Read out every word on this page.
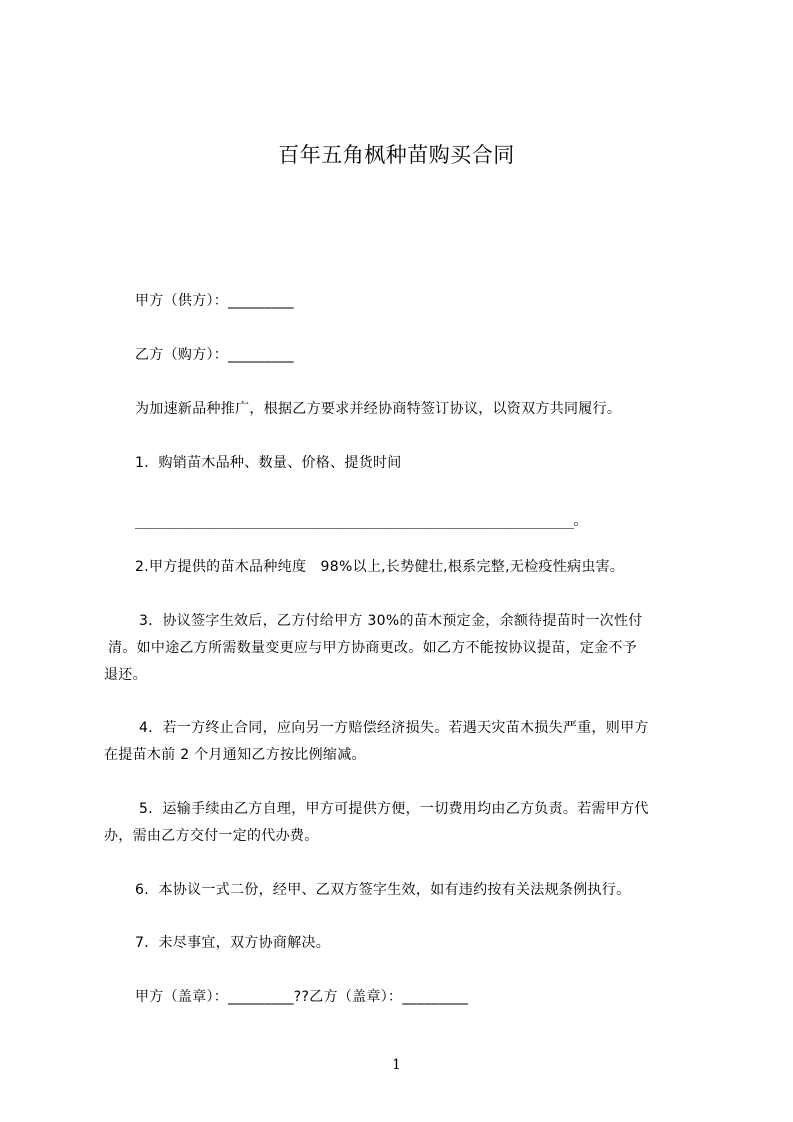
百年五角枫种苗购买合同
甲方（供方）：_________
乙方（购方）：_________
为加速新品种推广，根据乙方要求并经协商特签订协议，以资双方共同履行。
1．购销苗木品种、数量、价格、提货时间
________________________________________________________。
2.甲方提供的苗木品种纯度　98%以上,长势健壮,根系完整,无检疫性病虫害。
3．协议签字生效后，乙方付给甲方 30%的苗木预定金，余额待提苗时一次性付
清。如中途乙方所需数量变更应与甲方协商更改。如乙方不能按协议提苗，定金不予
退还。
4．若一方终止合同，应向另一方赔偿经济损失。若遇天灾苗木损失严重，则甲方
在提苗木前 2 个月通知乙方按比例缩减。
5．运输手续由乙方自理，甲方可提供方便，一切费用均由乙方负责。若需甲方代
办，需由乙方交付一定的代办费。
6．本协议一式二份，经甲、乙双方签字生效，如有违约按有关法规条例执行。
7．未尽事宜，双方协商解决。
甲方（盖章）：_________??乙方（盖章）：_________
1
